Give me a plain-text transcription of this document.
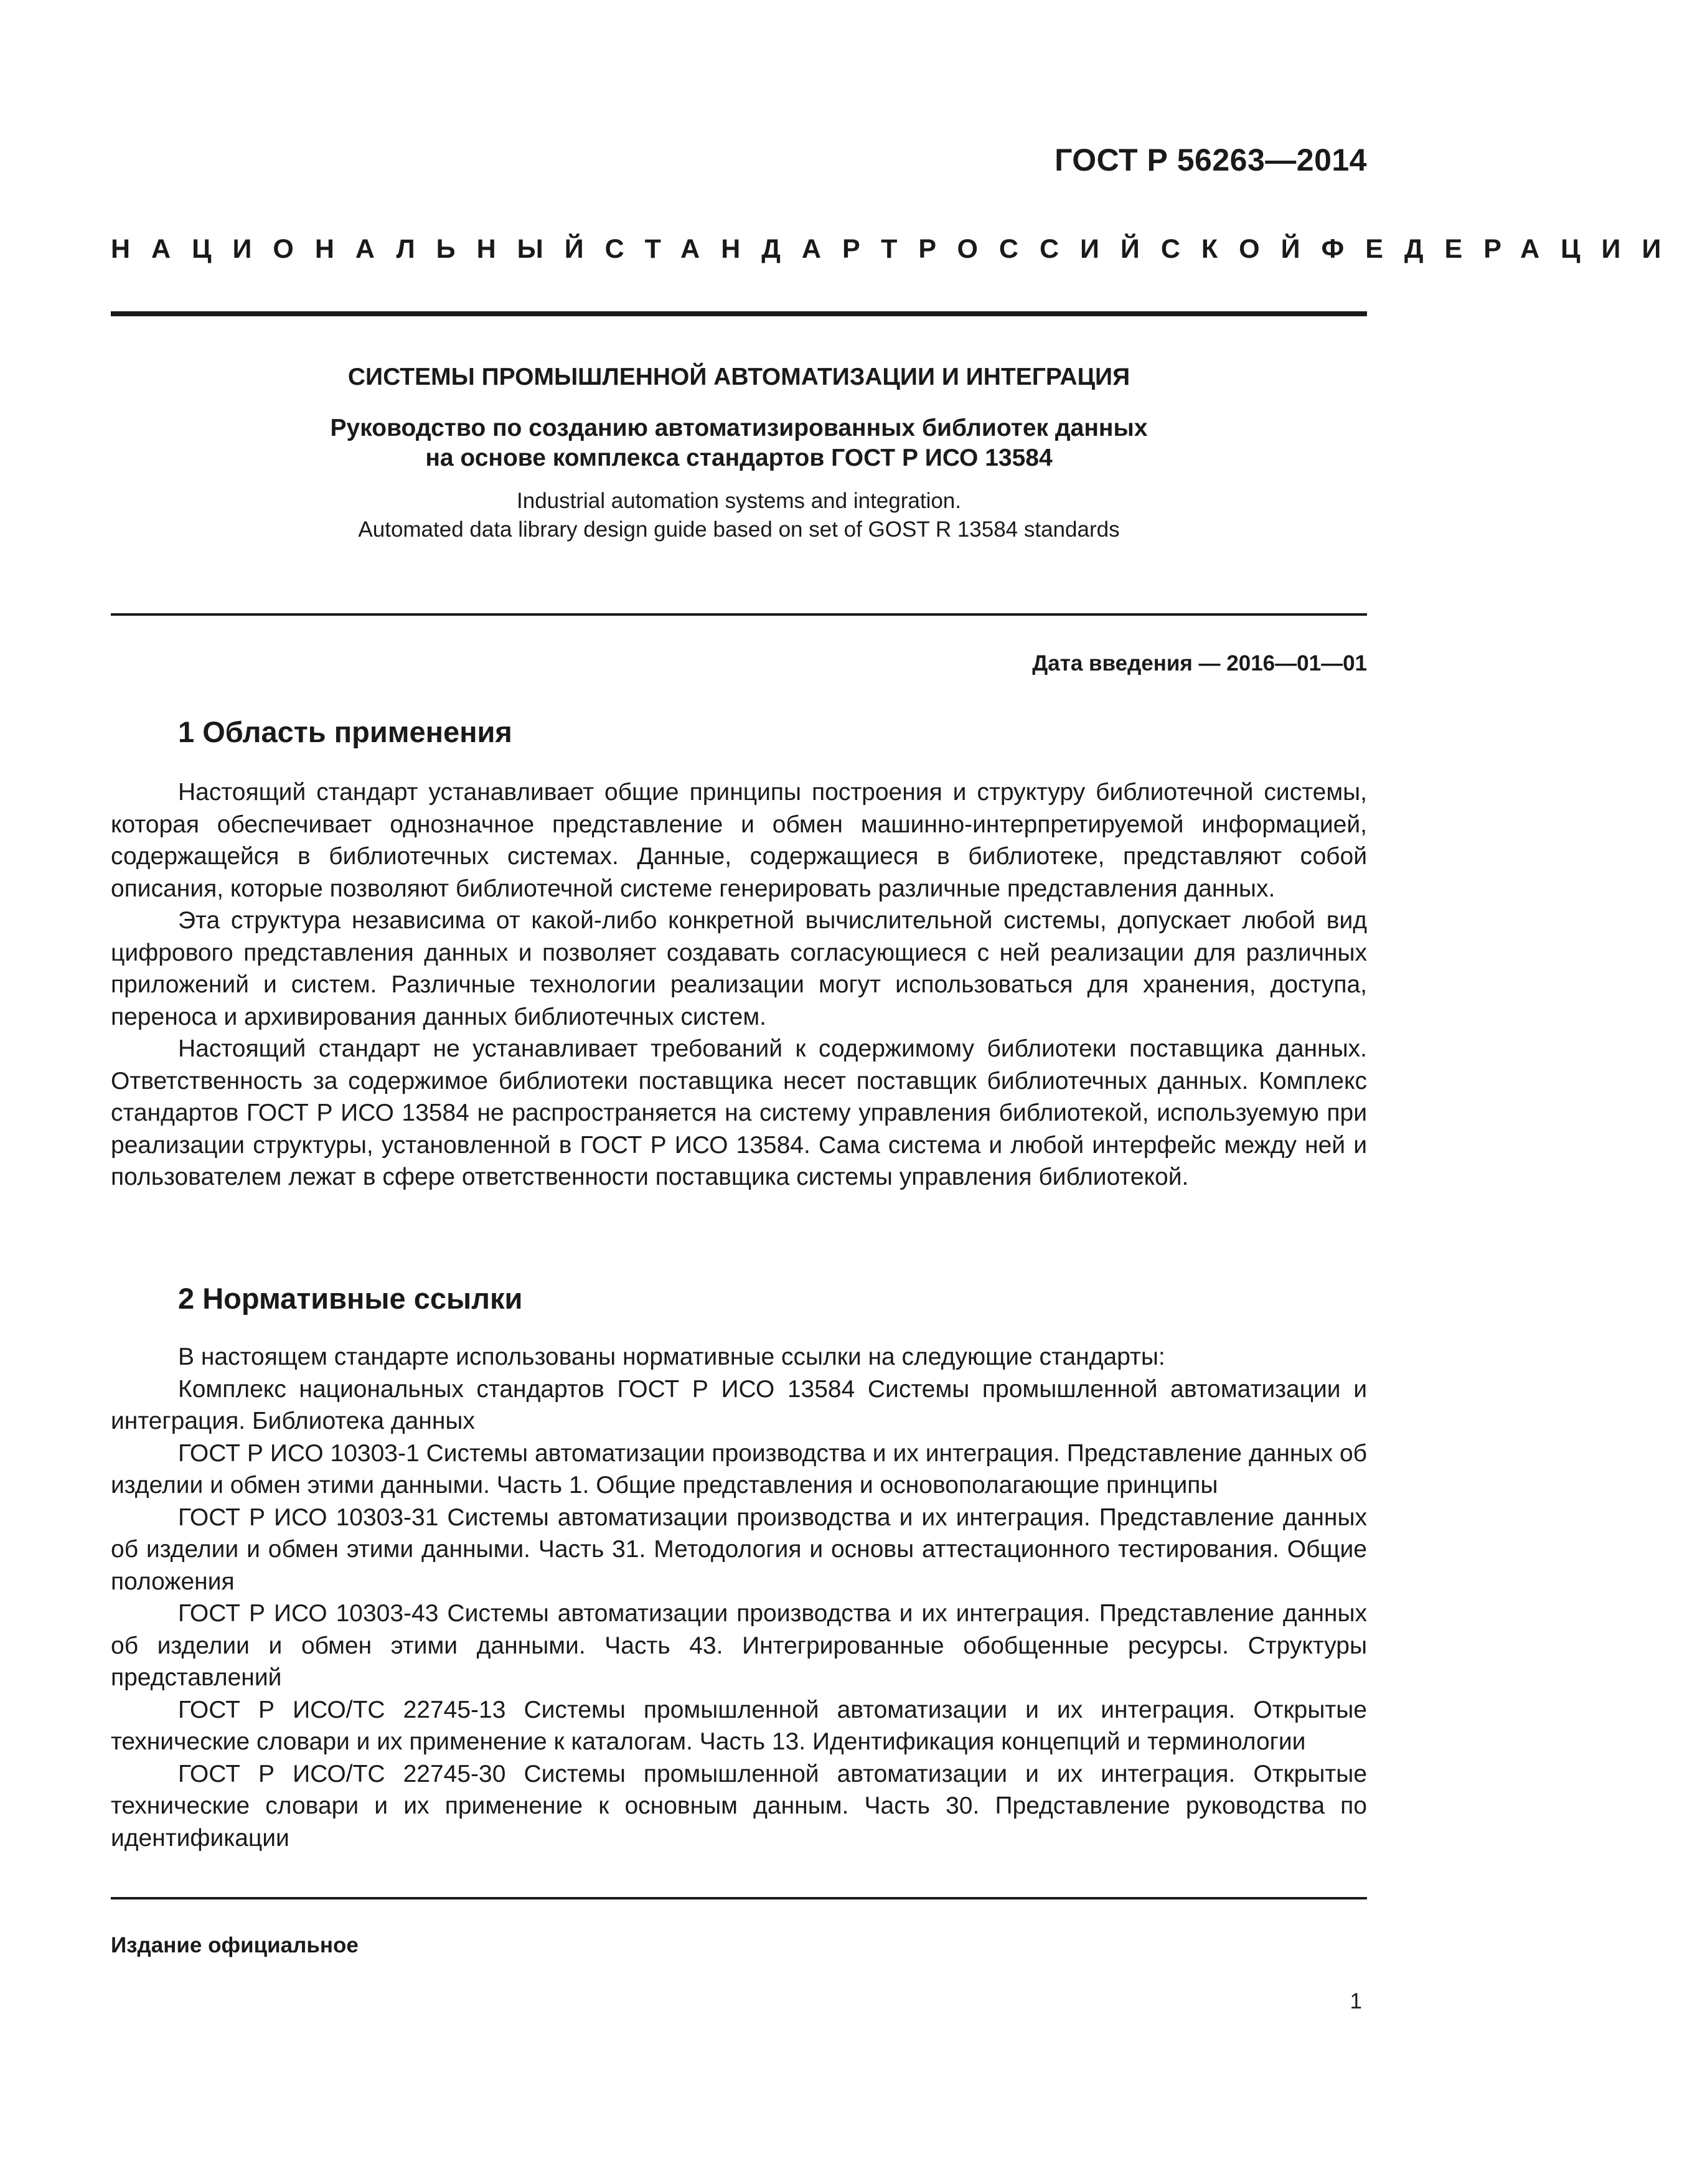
ГОСТ Р 56263—2014
НАЦИОНАЛЬНЫЙ СТАНДАРТ РОССИЙСКОЙ ФЕДЕРАЦИИ
СИСТЕМЫ ПРОМЫШЛЕННОЙ АВТОМАТИЗАЦИИ И ИНТЕГРАЦИЯ
Руководство по созданию автоматизированных библиотек данных
на основе комплекса стандартов ГОСТ Р ИСО 13584
Industrial automation systems and integration.
Automated data library design guide based on set of GOST R 13584 standards
Дата введения — 2016—01—01
1 Область применения

Настоящий стандарт устанавливает общие принципы построения и структуру библиотечной системы, которая обеспечивает однозначное представление и обмен машинно-интерпретируемой информацией, содержащейся в библиотечных системах. Данные, содержащиеся в библиотеке, представляют собой описания, которые позволяют библиотечной системе генерировать различные представления данных.

Эта структура независима от какой-либо конкретной вычислительной системы, допускает любой вид цифрового представления данных и позволяет создавать согласующиеся с ней реализации для различных приложений и систем. Различные технологии реализации могут использоваться для хранения, доступа, переноса и архивирования данных библиотечных систем.

Настоящий стандарт не устанавливает требований к содержимому библиотеки поставщика данных. Ответственность за содержимое библиотеки поставщика несет поставщик библиотечных данных. Комплекс стандартов ГОСТ Р ИСО 13584 не распространяется на систему управления библиотекой, используемую при реализации структуры, установленной в ГОСТ Р ИСО 13584. Сама система и любой интерфейс между ней и пользователем лежат в сфере ответственности поставщика системы управления библиотекой.

2 Нормативные ссылки

В настоящем стандарте использованы нормативные ссылки на следующие стандарты:

Комплекс национальных стандартов ГОСТ Р ИСО 13584 Системы промышленной автоматизации и интеграция. Библиотека данных

ГОСТ Р ИСО 10303-1 Системы автоматизации производства и их интеграция. Представление данных об изделии и обмен этими данными. Часть 1. Общие представления и основополагающие принципы

ГОСТ Р ИСО 10303-31 Системы автоматизации производства и их интеграция. Представление данных об изделии и обмен этими данными. Часть 31. Методология и основы аттестационного тестирования. Общие положения

ГОСТ Р ИСО 10303-43 Системы автоматизации производства и их интеграция. Представление данных об изделии и обмен этими данными. Часть 43. Интегрированные обобщенные ресурсы. Структуры представлений

ГОСТ Р ИСО/ТС 22745-13 Системы промышленной автоматизации и их интеграция. Открытые технические словари и их применение к каталогам. Часть 13. Идентификация концепций и терминологии

ГОСТ Р ИСО/ТС 22745-30 Системы промышленной автоматизации и их интеграция. Открытые технические словари и их применение к основным данным. Часть 30. Представление руководства по идентификации

Издание официальное
1
